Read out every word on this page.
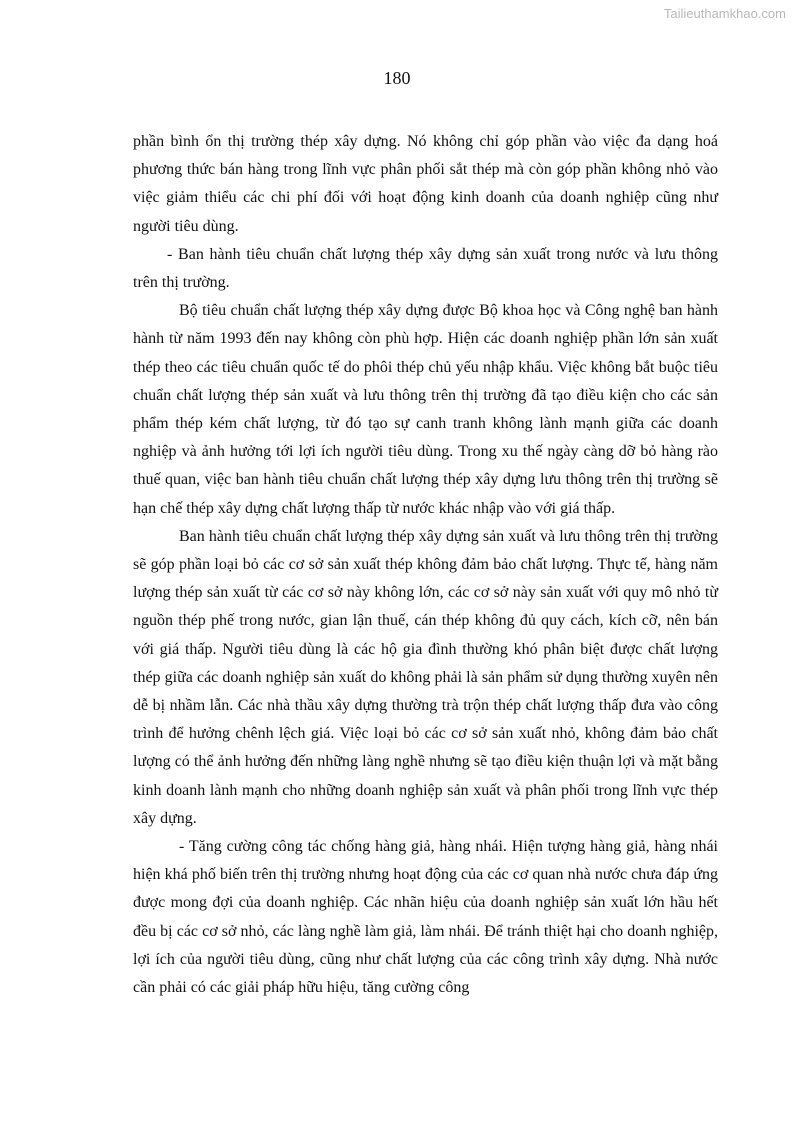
Tailieuthamkhao.com
180

phần bình ổn thị trường thép xây dựng. Nó không chỉ góp phần vào việc đa dạng hoá phương thức bán hàng trong lĩnh vực phân phối sắt thép mà còn góp phần không nhỏ vào việc giảm thiểu các chi phí đối với hoạt động kinh doanh của doanh nghiệp cũng như người tiêu dùng.

- Ban hành tiêu chuẩn chất lượng thép xây dựng sản xuất trong nước và lưu thông trên thị trường.

Bộ tiêu chuẩn chất lượng thép xây dựng được Bộ khoa học và Công nghệ ban hành hành từ năm 1993 đến nay không còn phù hợp. Hiện các doanh nghiệp phần lớn sản xuất thép theo các tiêu chuẩn quốc tế do phôi thép chủ yếu nhập khẩu. Việc không bắt buộc tiêu chuẩn chất lượng thép sản xuất và lưu thông trên thị trường đã tạo điều kiện cho các sản phẩm thép kém chất lượng, từ đó tạo sự canh tranh không lành mạnh giữa các doanh nghiệp và ảnh hưởng tới lợi ích người tiêu dùng. Trong xu thế ngày càng dỡ bỏ hàng rào thuế quan, việc ban hành tiêu chuẩn chất lượng thép xây dựng lưu thông trên thị trường sẽ hạn chế thép xây dựng chất lượng thấp từ nước khác nhập vào với giá thấp.

Ban hành tiêu chuẩn chất lượng thép xây dựng sản xuất và lưu thông trên thị trường sẽ góp phần loại bỏ các cơ sở sản xuất thép không đảm bảo chất lượng. Thực tế, hàng năm lượng thép sản xuất từ các cơ sở này không lớn, các cơ sở này sản xuất với quy mô nhỏ từ nguồn thép phế trong nước, gian lận thuế, cán thép không đủ quy cách, kích cỡ, nên bán với giá thấp. Người tiêu dùng là các hộ gia đình thường khó phân biệt được chất lượng thép giữa các doanh nghiệp sản xuất do không phải là sản phẩm sử dụng thường xuyên nên dễ bị nhầm lẫn. Các nhà thầu xây dựng thường trà trộn thép chất lượng thấp đưa vào công trình để hưởng chênh lệch giá. Việc loại bỏ các cơ sở sản xuất nhỏ, không đảm bảo chất lượng có thể ảnh hưởng đến những làng nghề nhưng sẽ tạo điều kiện thuận lợi và mặt bằng kinh doanh lành mạnh cho những doanh nghiệp sản xuất và phân phối trong lĩnh vực thép xây dựng.

- Tăng cường công tác chống hàng giả, hàng nhái. Hiện tượng hàng giả, hàng nhái hiện khá phố biến trên thị trường nhưng hoạt động của các cơ quan nhà nước chưa đáp ứng được mong đợi của doanh nghiệp. Các nhãn hiệu của doanh nghiệp sản xuất lớn hầu hết đều bị các cơ sở nhỏ, các làng nghề làm giả, làm nhái. Để tránh thiệt hại cho doanh nghiệp, lợi ích của người tiêu dùng, cũng như chất lượng của các công trình xây dựng. Nhà nước cần phải có các giải pháp hữu hiệu, tăng cường công
